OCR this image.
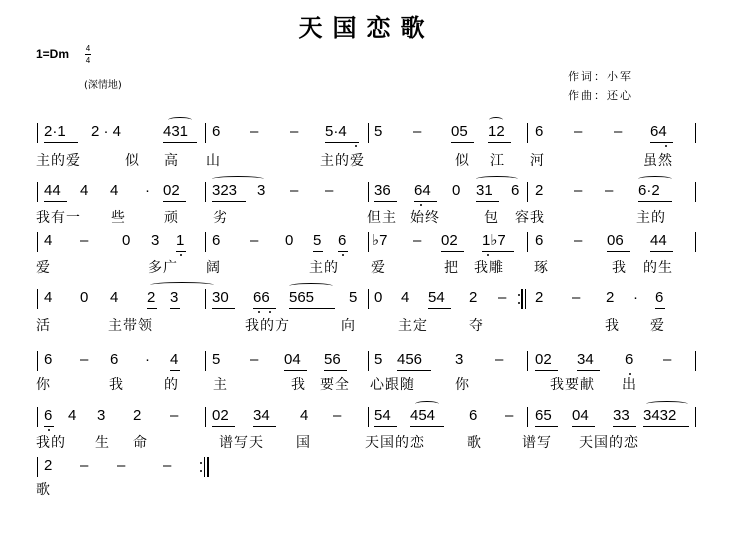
天国恋歌
1=Dm 4
4
(深情地)
作词：小军
作曲：还心
2·1 2 · 4	431 6 – – 5·4 5 – 05 12 6 – – 64
主的爱	似 高 山	主的爱	似 江 河	虽然
44 4 4 · 02 323 3 – –	36 64 0 31 6 2 – – 6·2
我有一 些	顽 劣	但主 始终	包 容我	主的
4 – 0 3 1 6 – 0 5 6 ♭7 – 02 1♭7 6 – 06 44
爱	多广 阔	主的 爱	把 我雕 琢	我 的生
4 0 4 2 3 30 66 565 5 0 4 54 2 – 2 – 2 · 6
活	主带领	我的方	向	主定	夺	我 爱
6 – 6 · 4 5 – 04 56 5 456 3 – 02 34 6 –
你	我	的 主	我 要全 心跟随	你	我要献 出
6 4 3 2 – 02 34 4 – 54 454 6 – 65 04 33 3432
我的 生 命	谱写天 国	天国的恋	歌	谱写 天国的恋
2 – –	–
歌
